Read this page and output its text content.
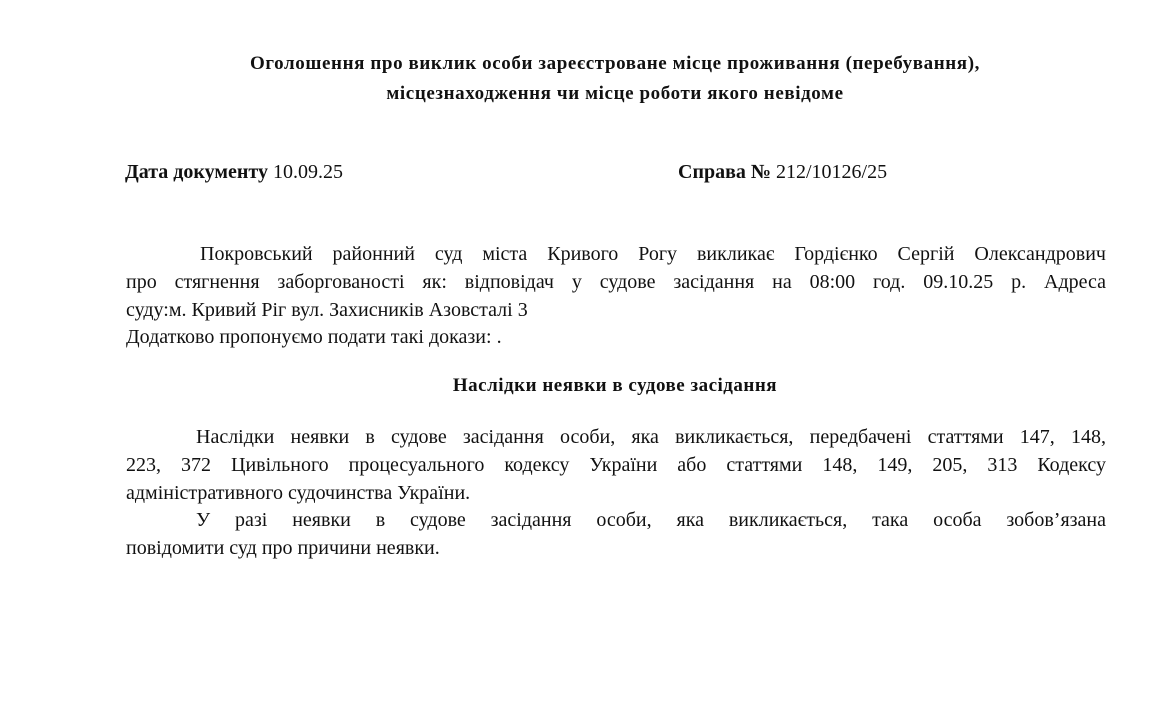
Оголошення про виклик особи зареєстроване місце проживання (перебування),
місцезнаходження чи місце роботи якого невідоме
Дата документу 10.09.25	Справа № 212/10126/25
Покровський районний суд міста Кривого Рогу викликає Гордієнко Сергій Олександрович
про стягнення заборгованості як: відповідач у судове засідання на 08:00 год. 09.10.25 р. Адреса
суду:м. Кривий Ріг вул. Захисників Азовсталі 3
Додатково пропонуємо подати такі докази: .
Наслідки неявки в судове засідання
Наслідки неявки в судове засідання особи, яка викликається, передбачені статтями 147, 148,
223, 372 Цивільного процесуального кодексу України або статтями 148, 149, 205, 313 Кодексу
адміністративного судочинства України.
У разі неявки в судове засідання особи, яка викликається, така особа зобов’язана
повідомити суд про причини неявки.
